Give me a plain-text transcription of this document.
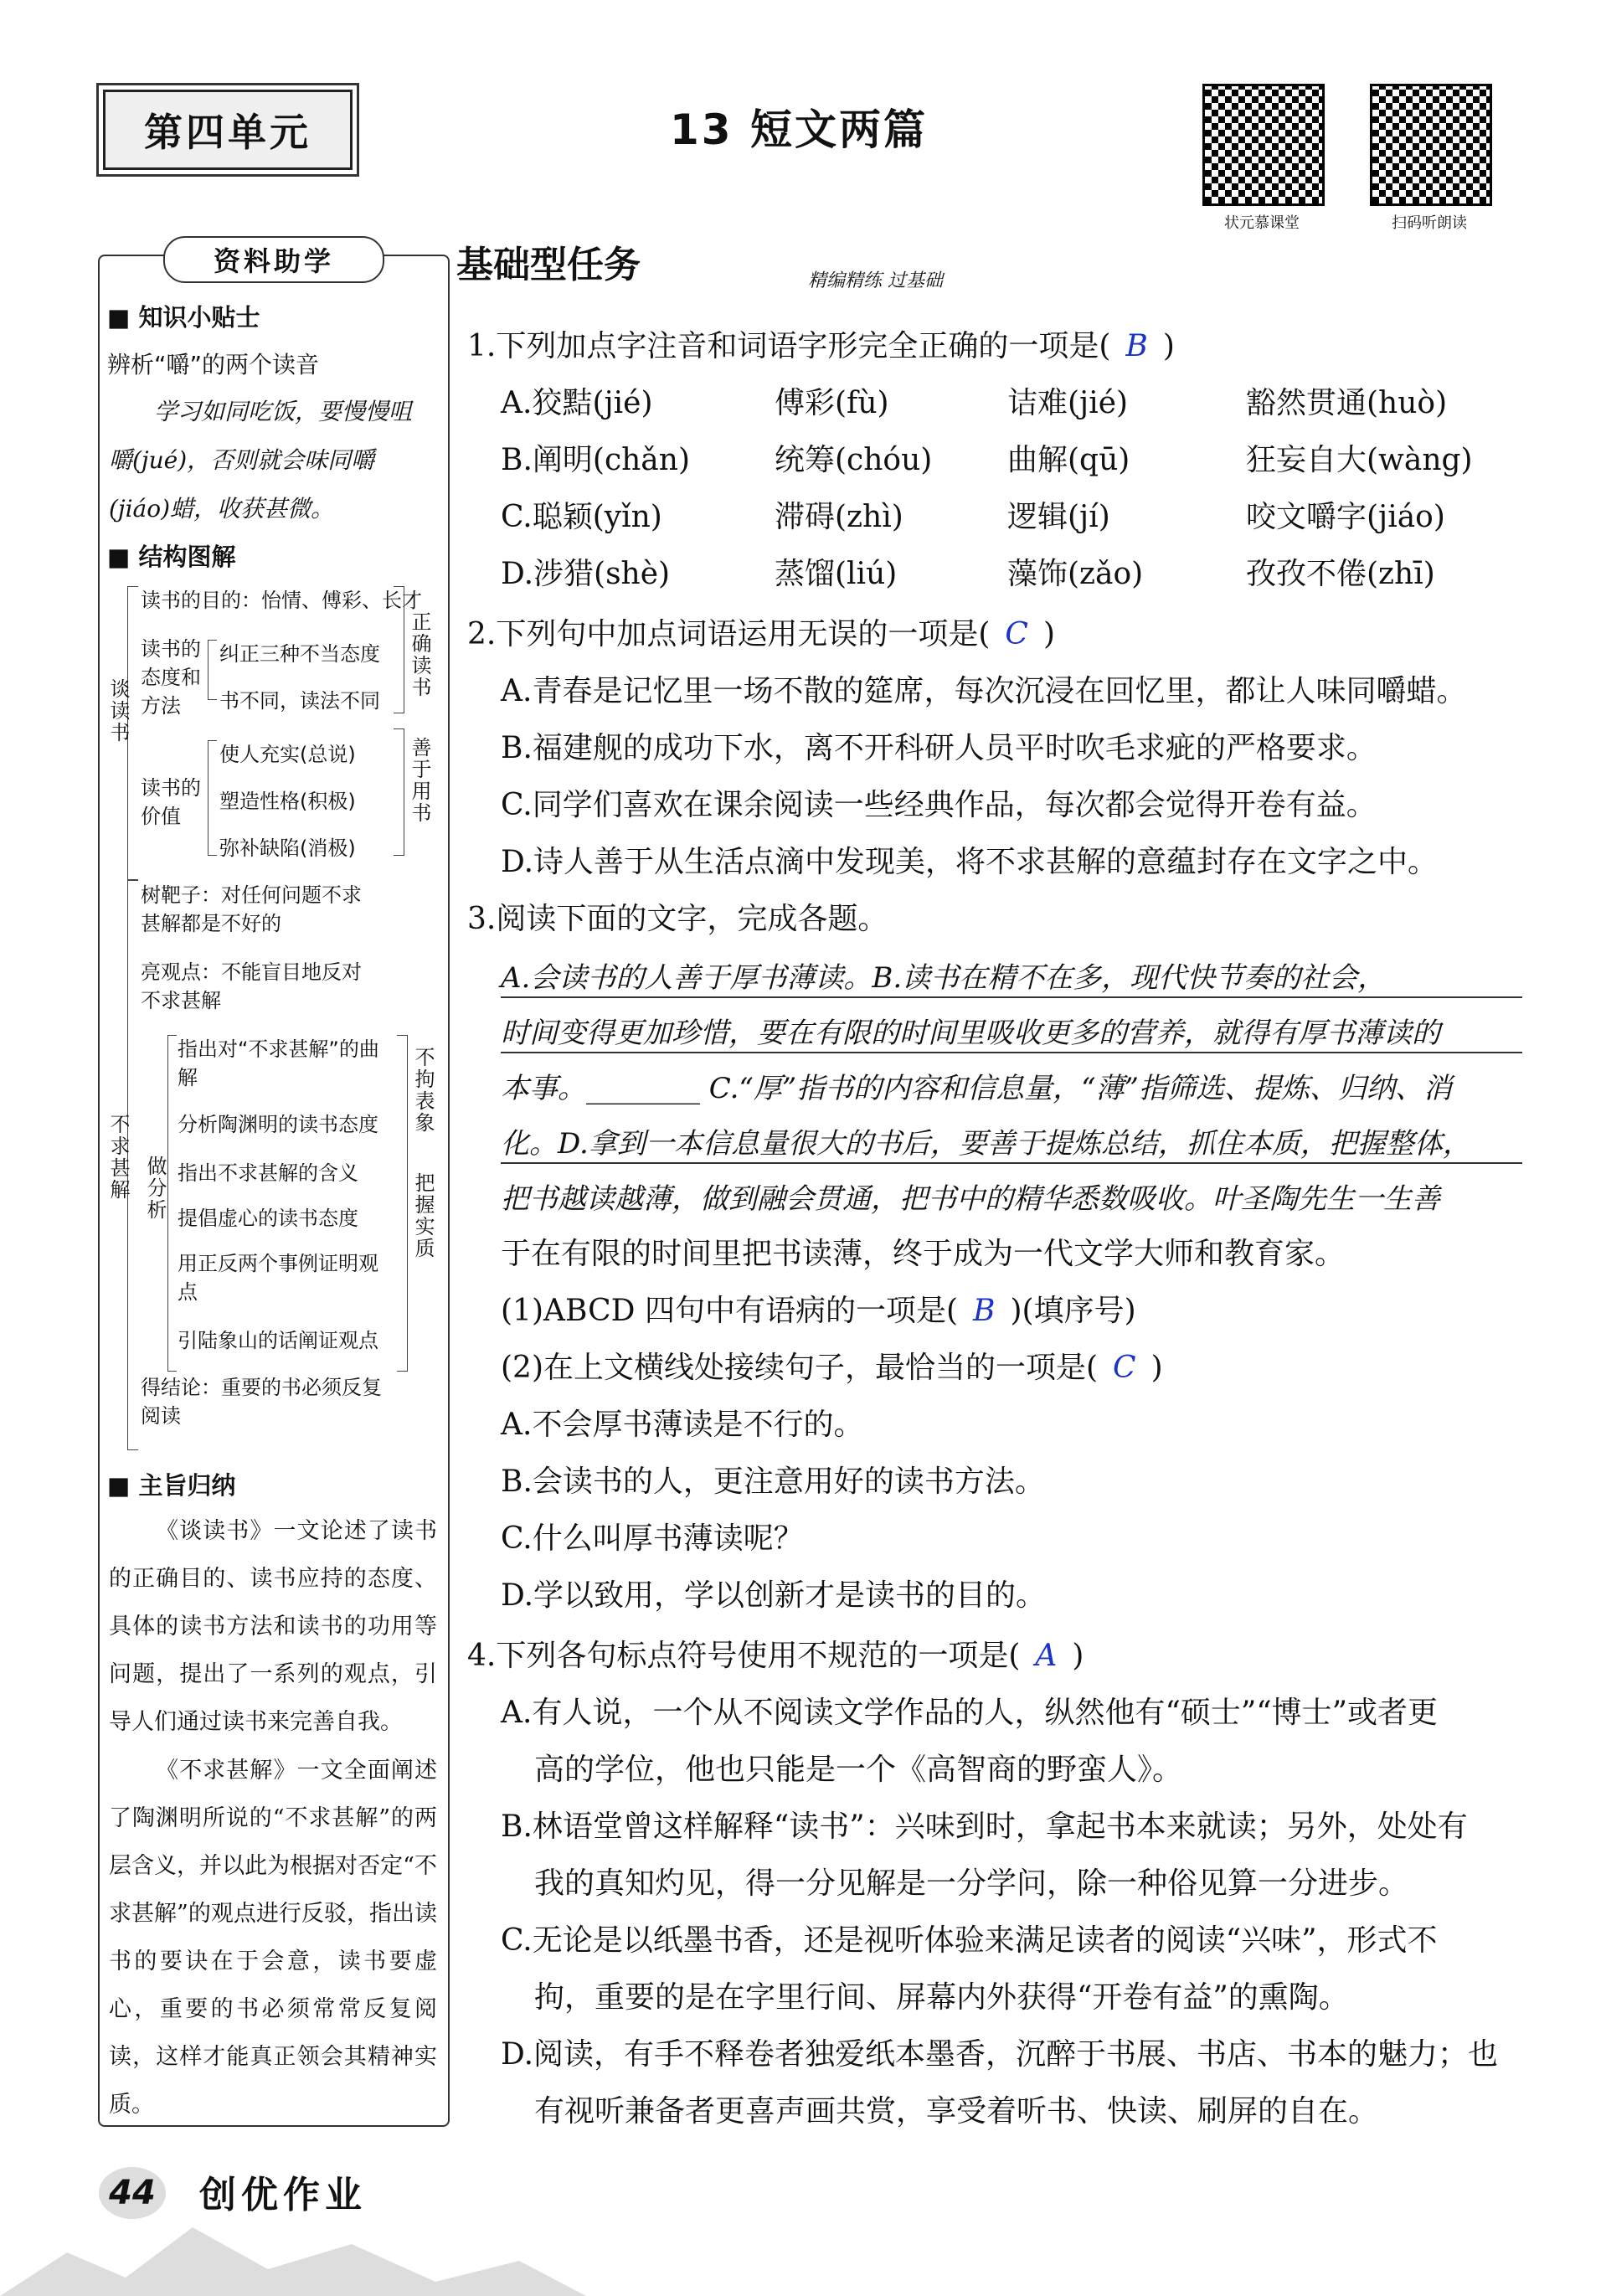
第四单元	13 短文两篇
状元慕课堂	扫码听朗读
资料助学
■ 知识小贴士
辨析“嚼”的两个读音
学习如同吃饭，要慢慢咀
嚼(jué)，否则就会味同嚼
(jiáo)蜡，收获甚微。
■ 结构图解
谈读书
读书的目的：怡情、傅彩、长才
读书的态度和方法
纠正三种不当态度
书不同，读法不同
读书的价值
使人充实(总说)
塑造性格(积极)
弥补缺陷(消极)
正确读书
善于用书
不求甚解
树靶子：对任何问题不求甚解都是不好的
亮观点：不能盲目地反对不求甚解
做分析
指出对“不求甚解”的曲解
分析陶渊明的读书态度
指出不求甚解的含义
提倡虚心的读书态度
用正反两个事例证明观点
引陆象山的话阐证观点
得结论：重要的书必须反复阅读
不拘表象
把握实质
■ 主旨归纳
《谈读书》一文论述了读书的正确目的、读书应持的态度、具体的读书方法和读书的功用等问题，提出了一系列的观点，引导人们通过读书来完善自我。
《不求甚解》一文全面阐述了陶渊明所说的“不求甚解”的两层含义，并以此为根据对否定“不求甚解”的观点进行反驳，指出读书的要诀在于会意，读书要虚心，重要的书必须常常反复阅读，这样才能真正领会其精神实质。
基础型任务	精编精练 过基础
1.下列加点字注音和词语字形完全正确的一项是( B )
A.狡黠(jié)	傅彩(fù)	诘难(jié)	豁然贯通(huò)
B.阐明(chǎn)	统筹(chóu) 曲解(qū)	狂妄自大(wàng)
C.聪颖(yǐn)	滞碍(zhì)	逻辑(jí)	咬文嚼字(jiáo)
D.涉猎(shè)	蒸馏(liú)	藻饰(zǎo)	孜孜不倦(zhī)
2.下列句中加点词语运用无误的一项是( C )
A.青春是记忆里一场不散的筵席，每次沉浸在回忆里，都让人味同嚼蜡。
B.福建舰的成功下水，离不开科研人员平时吹毛求疵的严格要求。
C.同学们喜欢在课余阅读一些经典作品，每次都会觉得开卷有益。
D.诗人善于从生活点滴中发现美，将不求甚解的意蕴封存在文字之中。
3.阅读下面的文字，完成各题。
A.会读书的人善于厚书薄读。B.读书在精不在多，现代快节奏的社会，
时间变得更加珍惜，要在有限的时间里吸收更多的营养，就得有厚书薄读的
本事。________ C.“厚”指书的内容和信息量，“薄”指筛选、提炼、归纳、消
化。D.拿到一本信息量很大的书后，要善于提炼总结，抓住本质，把握整体，
把书越读越薄，做到融会贯通，把书中的精华悉数吸收。叶圣陶先生一生善
于在有限的时间里把书读薄，终于成为一代文学大师和教育家。
(1)ABCD 四句中有语病的一项是( B )(填序号)
(2)在上文横线处接续句子，最恰当的一项是( C )
A.不会厚书薄读是不行的。
B.会读书的人，更注意用好的读书方法。
C.什么叫厚书薄读呢？
D.学以致用，学以创新才是读书的目的。
4.下列各句标点符号使用不规范的一项是( A )
A.有人说，一个从不阅读文学作品的人，纵然他有“硕士”“博士”或者更
高的学位，他也只能是一个《高智商的野蛮人》。
B.林语堂曾这样解释“读书”：兴味到时，拿起书本来就读；另外，处处有
我的真知灼见，得一分见解是一分学问，除一种俗见算一分进步。
C.无论是以纸墨书香，还是视听体验来满足读者的阅读“兴味”，形式不
拘，重要的是在字里行间、屏幕内外获得“开卷有益”的熏陶。
D.阅读，有手不释卷者独爱纸本墨香，沉醉于书展、书店、书本的魅力；也
有视听兼备者更喜声画共赏，享受着听书、快读、刷屏的自在。
44 创优作业
